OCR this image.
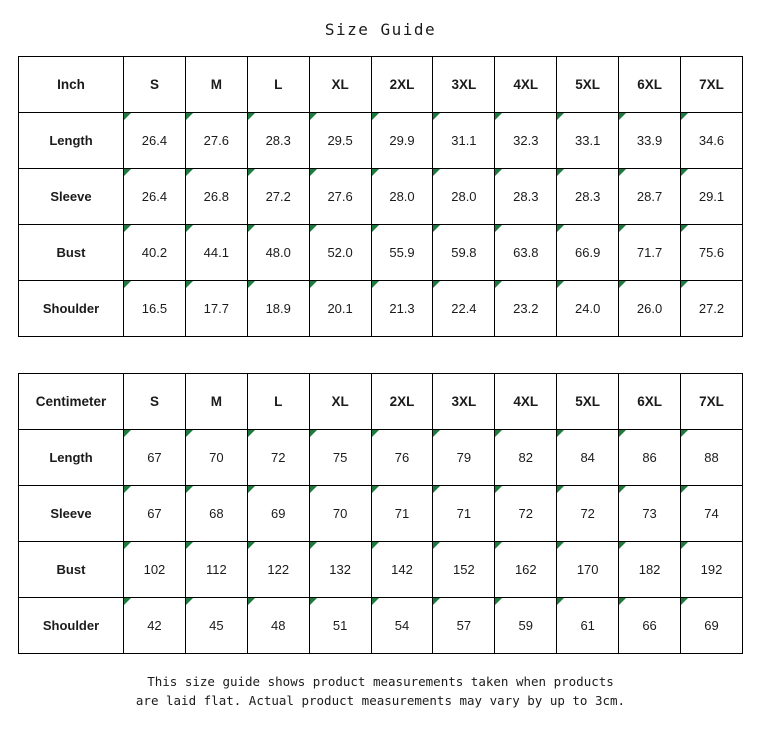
Size Guide
Inch	S	M	L	XL	2XL	3XL	4XL	5XL	6XL	7XL
Length	26.4	27.6	28.3	29.5	29.9	31.1	32.3	33.1	33.9	34.6
Sleeve	26.4	26.8	27.2	27.6	28.0	28.0	28.3	28.3	28.7	29.1
Bust	40.2	44.1	48.0	52.0	55.9	59.8	63.8	66.9	71.7	75.6
Shoulder	16.5	17.7	18.9	20.1	21.3	22.4	23.2	24.0	26.0	27.2
Centimeter	S	M	L	XL	2XL	3XL	4XL	5XL	6XL	7XL
Length	67	70	72	75	76	79	82	84	86	88
Sleeve	67	68	69	70	71	71	72	72	73	74
Bust	102	112	122	132	142	152	162	170	182	192
Shoulder	42	45	48	51	54	57	59	61	66	69
This size guide shows product measurements taken when products
are laid flat. Actual product measurements may vary by up to 3cm.
